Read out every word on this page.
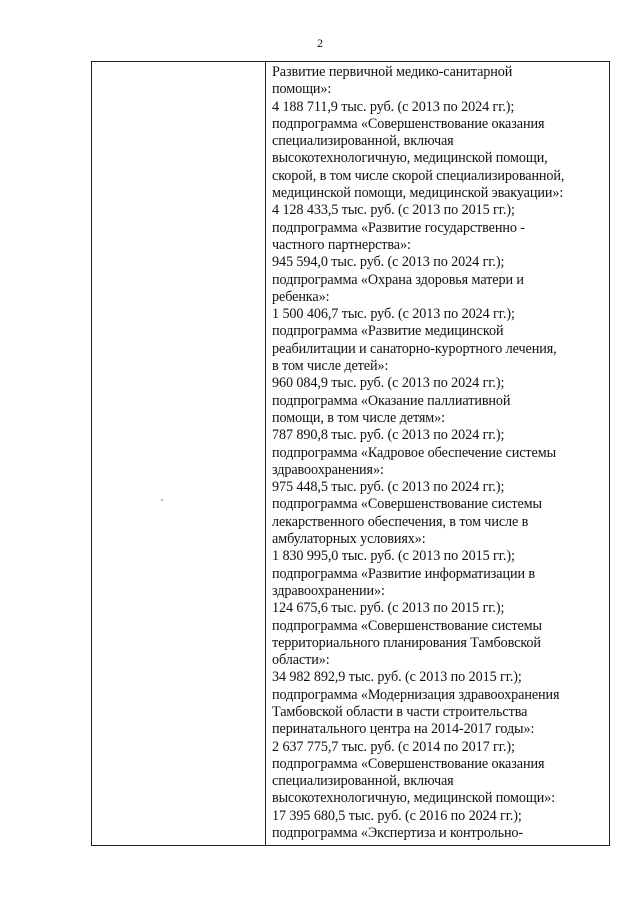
2
Развитие первичной медико-санитарной
помощи»:
4 188 711,9 тыс. руб. (с 2013 по 2024 гг.);
подпрограмма «Совершенствование оказания
специализированной, включая
высокотехнологичную, медицинской помощи,
скорой, в том числе скорой специализированной,
медицинской помощи, медицинской эвакуации»:
4 128 433,5 тыс. руб. (с 2013 по 2015 гг.);
подпрограмма «Развитие государственно -
частного партнерства»:
945 594,0 тыс. руб. (с 2013 по 2024 гг.);
подпрограмма «Охрана здоровья матери и
ребенка»:
1 500 406,7 тыс. руб. (с 2013 по 2024 гг.);
подпрограмма «Развитие медицинской
реабилитации и санаторно-курортного лечения,
в том числе детей»:
960 084,9 тыс. руб. (с 2013 по 2024 гг.);
подпрограмма «Оказание паллиативной
помощи, в том числе детям»:
787 890,8 тыс. руб. (с 2013 по 2024 гг.);
подпрограмма «Кадровое обеспечение системы
здравоохранения»:
975 448,5 тыс. руб. (с 2013 по 2024 гг.);
подпрограмма «Совершенствование системы
лекарственного обеспечения, в том числе в
амбулаторных условиях»:
1 830 995,0 тыс. руб. (с 2013 по 2015 гг.);
подпрограмма «Развитие информатизации в
здравоохранении»:
124 675,6 тыс. руб. (с 2013 по 2015 гг.);
подпрограмма «Совершенствование системы
территориального планирования Тамбовской
области»:
34 982 892,9 тыс. руб. (с 2013 по 2015 гг.);
подпрограмма «Модернизация здравоохранения
Тамбовской области в части строительства
перинатального центра на 2014-2017 годы»:
2 637 775,7 тыс. руб. (с 2014 по 2017 гг.);
подпрограмма «Совершенствование оказания
специализированной, включая
высокотехнологичную, медицинской помощи»:
17 395 680,5 тыс. руб. (с 2016 по 2024 гг.);
подпрограмма «Экспертиза и контрольно-
